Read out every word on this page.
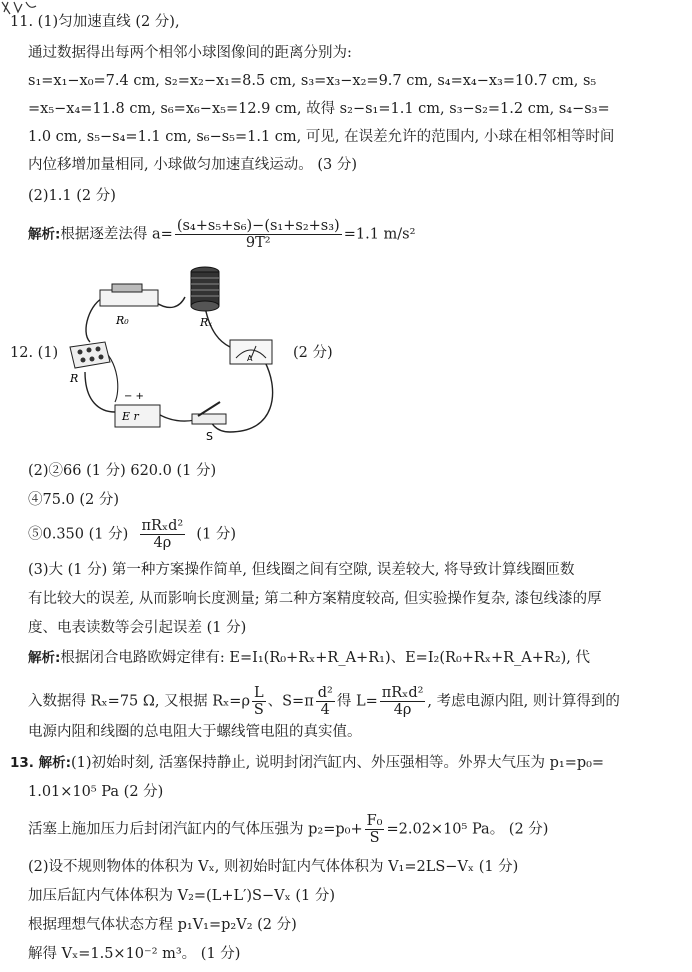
11. (1)匀加速直线 (2 分),
通过数据得出每两个相邻小球图像间的距离分别为:
s₁=x₁−x₀=7.4 cm, s₂=x₂−x₁=8.5 cm, s₃=x₃−x₂=9.7 cm, s₄=x₄−x₃=10.7 cm, s₅
=x₅−x₄=11.8 cm, s₆=x₆−x₅=12.9 cm, 故得 s₂−s₁=1.1 cm, s₃−s₂=1.2 cm, s₄−s₃=
1.0 cm, s₅−s₄=1.1 cm, s₆−s₅=1.1 cm, 可见, 在误差允许的范围内, 小球在相邻相等时间
内位移增加量相同, 小球做匀加速直线运动。 (3 分)
(2)1.1 (2 分)
解析:根据逐差法得 $a= \frac{\text{(s₄+s₅+s₆)−(s₁+s₂+s₃)}}{\text{9T²}} =1.1$ m/s²
12. (1)	(2 分)
R₀	Rₓ
A
R
− +
E r
S
(2)②66 (1 分) 620.0 (1 分)
④75.0 (2 分)
⑤0.350 (1 分) $\frac{\text{πRₓd²}}{4\rho} (1$ 分)
(3)大 (1 分) 第一种方案操作简单, 但线圈之间有空隙, 误差较大, 将导致计算线圈匝数
有比较大的误差, 从而影响长度测量; 第二种方案精度较高, 但实验操作复杂, 漆包线漆的厚
度、电表读数等会引起误差 (1 分)
解析:根据闭合电路欧姆定律有: E=I₁(R₀+Rₓ+R_A+R₁)、E=I₂(R₀+Rₓ+R_A+R₂), 代
入数据得 Rₓ=75 Ω, 又根据 $R_x=\rho \frac{L}{S}$ 、$S=\pi \frac{\text{d²}}{4}$ 得 $L= \frac{\text{πRₓd²}}{4\rho}$ , 考虑电源内阻, 则计算得到的
电源内阻和线圈的总电阻大于螺线管电阻的真实值。
13. 解析:(1)初始时刻, 活塞保持静止, 说明封闭汽缸内、外压强相等。外界大气压为 p₁=p₀=
1.01×10⁵ Pa (2 分)
活塞上施加压力后封闭汽缸内的气体压强为 $p_2=p_0+ \frac{\text{F₀}}{S} =2.02\times 10^5$ Pa。 (2 分)
(2)设不规则物体的体积为 Vₓ, 则初始时缸内气体体积为 V₁=2LS−Vₓ (1 分)
加压后缸内气体体积为 V₂=(L+L′)S−Vₓ (1 分)
根据理想气体状态方程 p₁V₁=p₂V₂ (2 分)
解得 Vₓ=1.5×10⁻² m³。 (1 分)
